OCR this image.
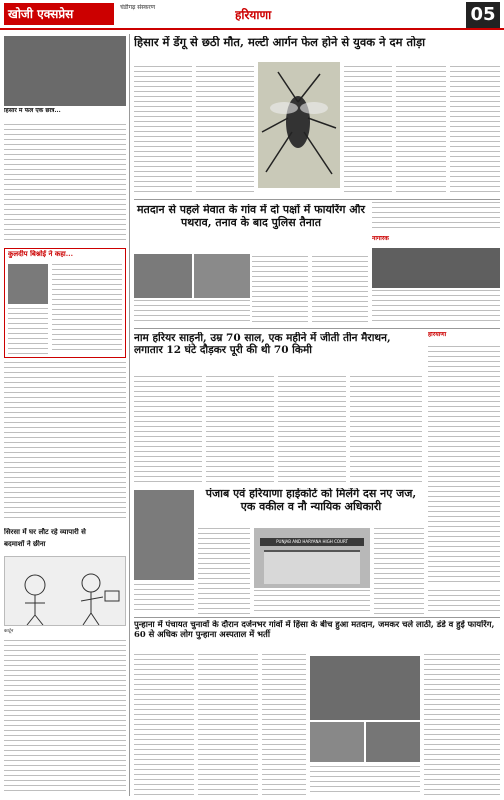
खोजी एक्सप्रेस	चंडीगढ़ संस्करण
हरियाणा	05
हिसार में फेल एक छात्र...
कुलदीप बिश्नोई ने कहा...
सिरसा में घर लौट रहे व्यापारी से
बदमाशों ने छीना
कार्टून
हिसार में डेंगू से छठी मौत, मल्टी आर्गन फेल होने से युवक ने दम तोड़ा
मतदान से पहले मेवात के गांव में दो पक्षों में फायरिंग और पथराव, तनाव के बाद पुलिस तैनात
नागरिक
नाम हरियर साहनी, उम्र 70 साल, एक महीने में जीती तीन मैराथन, लगातार 12 घंटे दौड़कर पूरी की थी 70 किमी
हरियाणा
पंजाब एवं हरियाणा हाईकोर्ट को मिलेंगे दस नए जज, एक वकील व नौ न्यायिक अधिकारी
PUNJAB AND HARYANA HIGH COURT
पुन्हाना में पंचायत चुनावों के दौरान दर्जनभर गांवों में हिंसा के बीच हुआ मतदान, जमकर चले लाठी, डंडे व हुई फायरिंग, 60 से अधिक लोग पुन्हाना अस्पताल में भर्ती
